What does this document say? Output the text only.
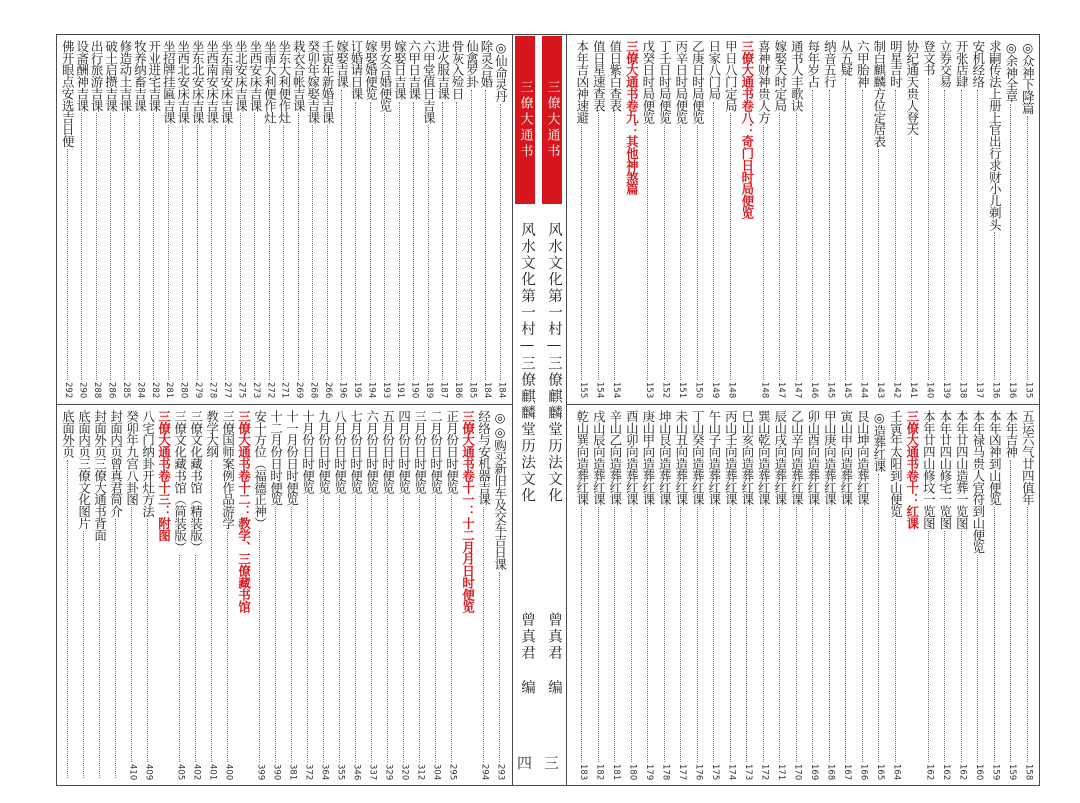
◎众神下降篇
135
◎余神全章
136
求嗣传法上册上官出行求财小儿剃头
136
安机经络
137
开张店肆
138
立券交易
139
登文书
140
协纪通天贵人登天
141
明星吉时
142
制白麒麟方位定居表
143
六甲胎神
144
从五疑
145
纳音五行
145
每年岁占
146
通书人丰歌诀
147
嫁娶天时定局
147
喜神财神贵人方
148
三僚大通书卷八：奇门日时局便览
甲日八门定局
148
日家八门局
149
乙庚日时局便览
150
丙辛日时局便览
151
丁壬日时局便览
152
戊癸日时局便览
153
三僚大通书卷九：其他神煞篇
值日紫白查表
154
值日星速查表
154
本年吉凶神速避
155
五运六气廿四值年
158
本年吉神
159
本年凶神到山便览
159
本年禄马贵人官符到山便览
160
本年廿四山造葬一览图
162
本年廿四山修宅一览图
162
本年廿四山修坟一览图
162
三僚大通书卷十：红课
壬寅年太阳到山便览
164
◎造葬红课
165
艮山坤向造葬红课
166
寅山申向造葬红课
167
甲山庚向造葬红课
168
卯山酉向造葬红课
169
乙山辛向造葬红课
170
辰山戌向造葬红课
171
巽山乾向造葬红课
172
巳山亥向造葬红课
173
丙山壬向造葬红课
174
午山子向造葬红课
175
丁山癸向造葬红课
176
未山丑向造葬红课
177
坤山艮向造葬红课
178
庚山甲向造葬红课
179
酉山卯向造葬红课
180
辛山乙向造葬红课
181
戌山辰向造葬红课
182
乾山巽向造葬红课
183
◎仙命灵丹
184
除灵合婚
184
仙禽罗卦
185
骨灰入殓日
186
进火服吉课
187
六甲堂值日吉课
189
六甲日吉课
190
嫁娶日吉课
191
男女合婚便览
193
嫁娶婚便览
194
订婚请日课
195
嫁娶吉课
196
壬寅年新婚吉课
266
癸卯年嫁娶吉课
268
栽衣合帐吉课
269
坐东大利便作灶
271
坐南大利便作灶
272
坐西安床吉课
273
坐北安床吉课
275
坐东南安床吉课
277
坐西南安床吉课
278
坐东北安床吉课
279
坐西北安床吉课
280
坐招牌挂匾吉课
281
开业进宅吉课
282
牧养纳畜吉课
284
修造动土吉课
285
破土启攒吉课
286
出行旅游吉课
288
设斋酬神吉课
290
佛开眼点安选吉日便
292
◎◎购买新旧车及交车吉日课
293
经络与安机器吉课
294
三僚大通书卷十一：十二月月日时便览
正月份日时便览
295
二月份日时便览
304
三月份日时便览
312
四月份日时便览
320
五月份日时便览
329
六月份日时便览
337
七月份日时便览
346
八月份日时便览
355
九月份日时便览
364
十月份日时便览
372
十一月份日时便览
381
十二月份日时便览
390
安十方位（福德正神）
399
三僚大通书卷十二：教学、三僚藏书馆
三僚国师案例作品游学
400
教学大纲
401
三僚文化藏书馆（精装版）
402
三僚文化藏书馆（简装版）
405
三僚大通书卷十三：附图
八宅门纳卦开灶方法
409
癸卯年九宫八卦图
410
封面内页曾真君简介
封面外页三僚大通书背面
底面内页三僚文化图片
底面外页
三僚大通书
风水文化第一村—三僚麒麟堂历法文化
曾真君 编
四
三僚大通书
风水文化第一村—三僚麒麟堂历法文化
曾真君 编
三
